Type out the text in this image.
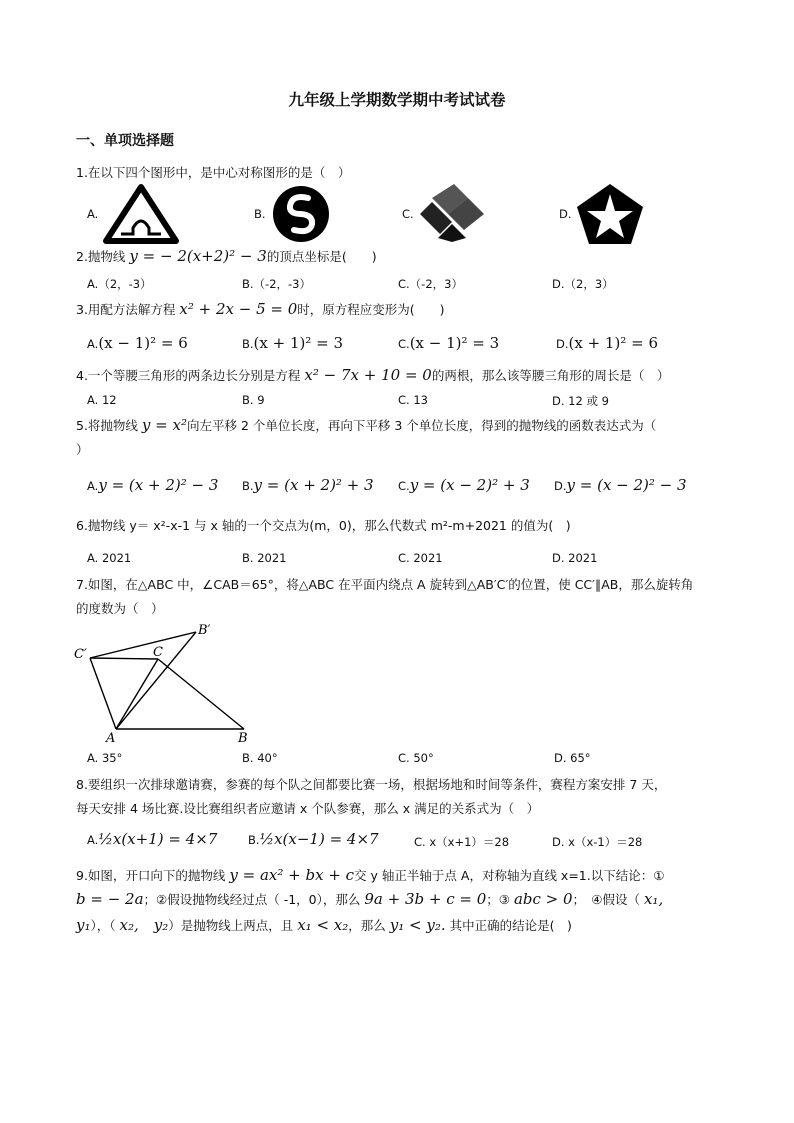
九年级上学期数学期中考试试卷
一、单项选择题
1.在以下四个图形中，是中心对称图形的是（　）
A.	B.	C.	D.
2.抛物线 y = − 2(x+2)² − 3的顶点坐标是(　　)
A.（2，-3）	B.（-2，-3）	C.（-2，3）	D.（2，3）
3.用配方法解方程 x² + 2x − 5 = 0时，原方程应变形为(　　)
A.(x − 1)² = 6	B.(x + 1)² = 3	C.(x − 1)² = 3	D.(x + 1)² = 6
4.一个等腰三角形的两条边长分别是方程 x² − 7x + 10 = 0的两根，那么该等腰三角形的周长是（　）
A. 12	B. 9	C. 13	D. 12 或 9
5.将抛物线 y = x²向左平移 2 个单位长度，再向下平移 3 个单位长度，得到的抛物线的函数表达式为（
）
A.y = (x + 2)² − 3 B.y = (x + 2)² + 3 C.y = (x − 2)² + 3 D.y = (x − 2)² − 3
6.抛物线 y＝ x²-x-1 与 x 轴的一个交点为(m，0)，那么代数式 m²-m+2021 的值为(　)
A. 2021	B. 2021	C. 2021	D. 2021
7.如图，在△ABC 中，∠CAB＝65°，将△ABC 在平面内绕点 A 旋转到△AB′C′的位置，使 CC′∥AB，那么旋转角
的度数为（　）
A	B
C
B′
C′
A. 35°	B. 40°	C. 50°	D. 65°
8.要组织一次排球邀请赛，参赛的每个队之间都要比赛一场，根据场地和时间等条件，赛程方案安排 7 天，
每天安排 4 场比赛.设比赛组织者应邀请 x 个队参赛，那么 x 满足的关系式为（　）
A.½x(x+1) = 4×7	B.½x(x−1) = 4×7	C. x（x+1）＝28	D. x（x-1）＝28
9.如图，开口向下的抛物线 y = ax² + bx + c交 y 轴正半轴于点 A，对称轴为直线 x=1.以下结论：①
b = − 2a；②假设抛物线经过点（ -1，0），那么 9a + 3b + c = 0；③ abc > 0；　④假设（ x₁,
y₁），（ x₂,　y₂）是抛物线上两点，且 x₁ < x₂，那么 y₁ < y₂. 其中正确的结论是(　)
